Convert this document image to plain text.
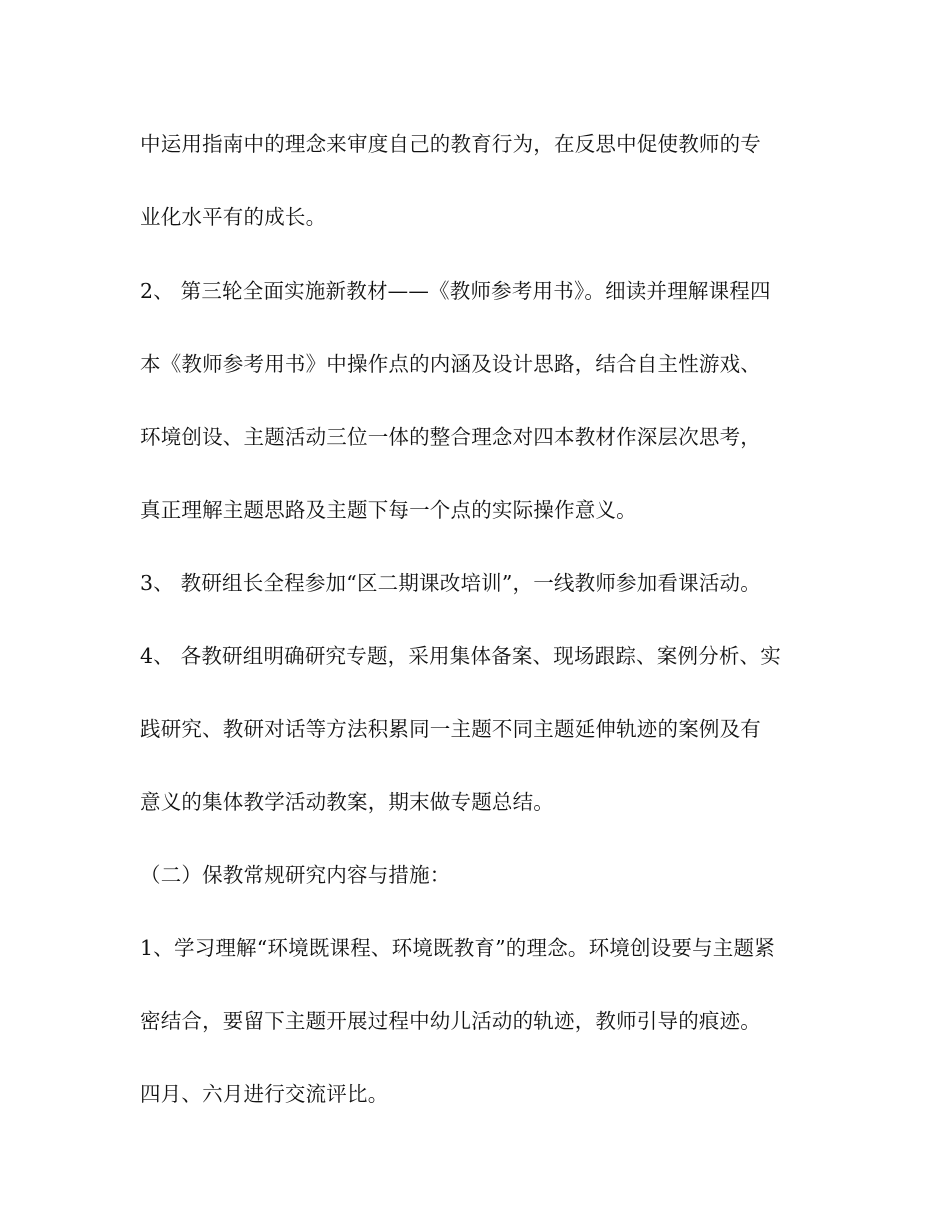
中运用指南中的理念来审度自己的教育行为，在反思中促使教师的专
业化水平有的成长。
2、 第三轮全面实施新教材——《教师参考用书》。细读并理解课程四
本《教师参考用书》中操作点的内涵及设计思路，结合自主性游戏、
环境创设、主题活动三位一体的整合理念对四本教材作深层次思考，
真正理解主题思路及主题下每一个点的实际操作意义。
3、 教研组长全程参加“区二期课改培训”，一线教师参加看课活动。
4、 各教研组明确研究专题，采用集体备案、现场跟踪、案例分析、实
践研究、教研对话等方法积累同一主题不同主题延伸轨迹的案例及有
意义的集体教学活动教案，期末做专题总结。
（二）保教常规研究内容与措施：
1、学习理解“环境既课程、环境既教育”的理念。环境创设要与主题紧
密结合，要留下主题开展过程中幼儿活动的轨迹，教师引导的痕迹。
四月、六月进行交流评比。
